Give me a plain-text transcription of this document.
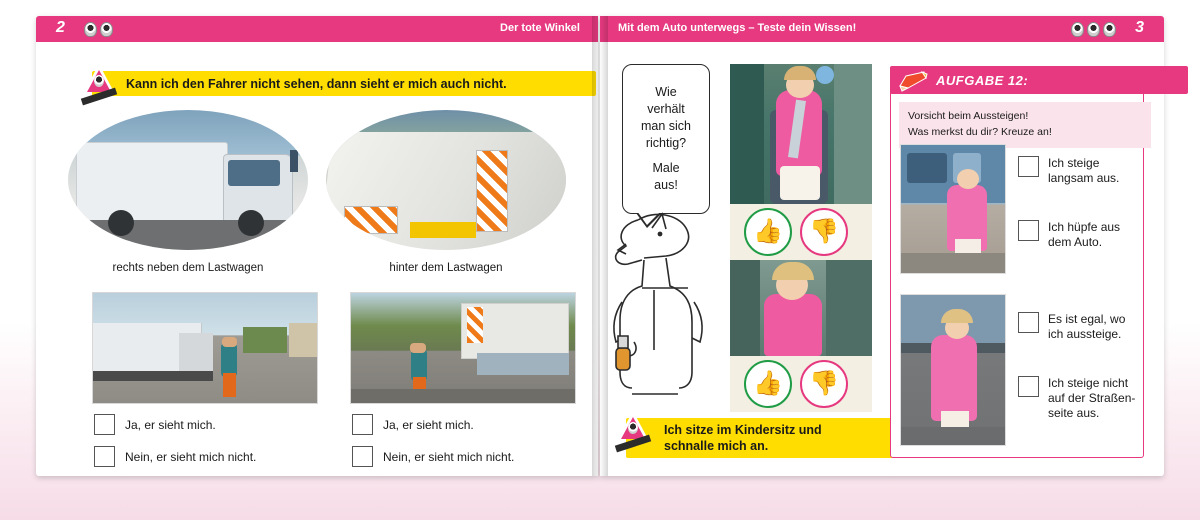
2	Der tote Winkel
Kann ich den Fahrer nicht sehen, dann sieht er mich auch nicht.
rechts neben dem Lastwagen	hinter dem Lastwagen
Ja, er sieht mich.
Nein, er sieht mich nicht.
Ja, er sieht mich.
Nein, er sieht mich nicht.
Mit dem Auto unterwegs – Teste dein Wissen!	3
Wie
verhält
man sich
richtig?
Male
aus!
👍	👎
👍	👎
Ich sitze im Kindersitz und
schnalle mich an.
AUFGABE 12:
Vorsicht beim Aussteigen!
Was merkst du dir? Kreuze an!
Ich steige
langsam aus.
Ich hüpfe aus
dem Auto.
Es ist egal, wo
ich aussteige.
Ich steige nicht
auf der Straßen-
seite aus.
